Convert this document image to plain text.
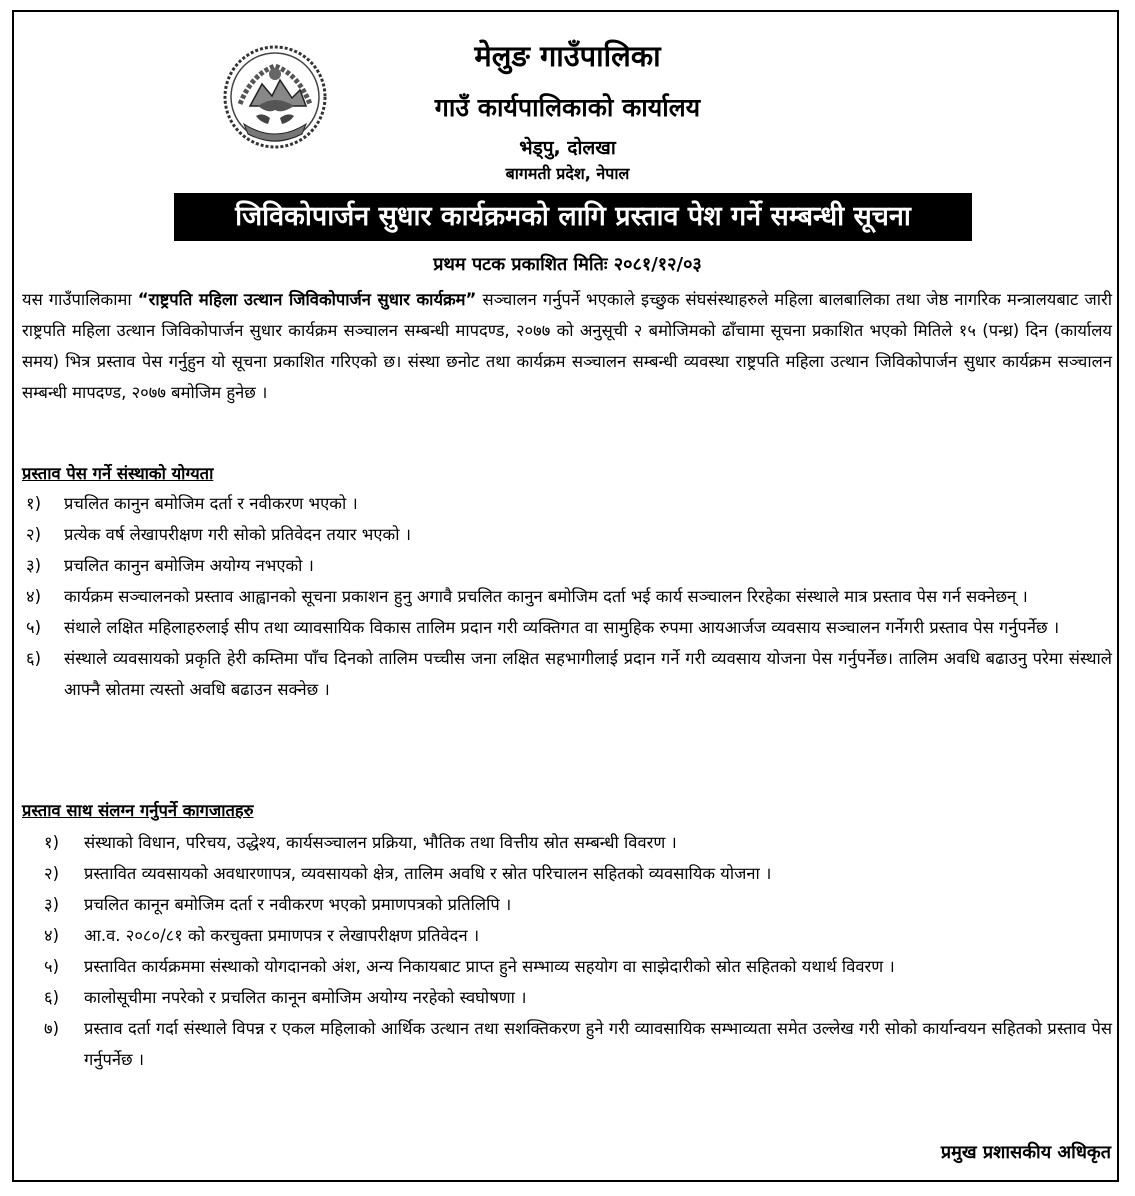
मेलुङ गाउँपालिका
गाउँ कार्यपालिकाको कार्यालय
भेड्पु, दोलखा
बागमती प्रदेश, नेपाल
जिविकोपार्जन सुधार कार्यक्रमको लागि प्रस्ताव पेश गर्ने सम्बन्धी सूचना
प्रथम पटक प्रकाशित मितिः २०८१/१२/०३

यस गाउँपालिकामा “राष्ट्रपति महिला उत्थान जिविकोपार्जन सुधार कार्यक्रम” सञ्चालन गर्नुपर्ने भएकाले इच्छुक संघसंस्थाहरुले महिला बालबालिका तथा जेष्ठ नागरिक मन्त्रालयबाट जारी राष्ट्रपति महिला उत्थान जिविकोपार्जन सुधार कार्यक्रम सञ्चालन सम्बन्धी मापदण्ड, २०७७ को अनुसूची २ बमोजिमको ढाँचामा सूचना प्रकाशित भएको मितिले १५ (पन्ध्र) दिन (कार्यालय समय) भित्र प्रस्ताव पेस गर्नुहुन यो सूचना प्रकाशित गरिएको छ। संस्था छनोट तथा कार्यक्रम सञ्चालन सम्बन्धी व्यवस्था राष्ट्रपति महिला उत्थान जिविकोपार्जन सुधार कार्यक्रम सञ्चालन सम्बन्धी मापदण्ड, २०७७ बमोजिम हुनेछ ।

प्रस्ताव पेस गर्ने संस्थाको योग्यता
१) प्रचलित कानुन बमोजिम दर्ता र नवीकरण भएको ।
२) प्रत्येक वर्ष लेखापरीक्षण गरी सोको प्रतिवेदन तयार भएको ।
३) प्रचलित कानुन बमोजिम अयोग्य नभएको ।
४) कार्यक्रम सञ्चालनको प्रस्ताव आह्वानको सूचना प्रकाशन हुनु अगावै प्रचलित कानुन बमोजिम दर्ता भई कार्य सञ्चालन रिरहेका संस्थाले मात्र प्रस्ताव पेस गर्न सक्नेछन् ।
५) संथाले लक्षित महिलाहरुलाई सीप तथा व्यावसायिक विकास तालिम प्रदान गरी व्यक्तिगत वा सामुहिक रुपमा आयआर्जज व्यवसाय सञ्चालन गर्नेगरी प्रस्ताव पेस गर्नुपर्नेछ ।
६) संस्थाले व्यवसायको प्रकृति हेरी कम्तिमा पाँच दिनको तालिम पच्चीस जना लक्षित सहभागीलाई प्रदान गर्ने गरी व्यवसाय योजना पेस गर्नुपर्नेछ। तालिम अवधि बढाउनु परेमा संस्थाले आफ्नै स्रोतमा त्यस्तो अवधि बढाउन सक्नेछ ।
प्रस्ताव साथ संलग्न गर्नुपर्ने कागजातहरु
१) संस्थाको विधान, परिचय, उद्धेश्य, कार्यसञ्चालन प्रक्रिया, भौतिक तथा वित्तीय स्रोत सम्बन्धी विवरण ।
२) प्रस्तावित व्यवसायको अवधारणापत्र, व्यवसायको क्षेत्र, तालिम अवधि र स्रोत परिचालन सहितको व्यवसायिक योजना ।
३) प्रचलित कानून बमोजिम दर्ता र नवीकरण भएको प्रमाणपत्रको प्रतिलिपि ।
४) आ.व. २०८०/८१ को करचुक्ता प्रमाणपत्र र लेखापरीक्षण प्रतिवेदन ।
५) प्रस्तावित कार्यक्रममा संस्थाको योगदानको अंश, अन्य निकायबाट प्राप्त हुने सम्भाव्य सहयोग वा साझेदारीको स्रोत सहितको यथार्थ विवरण ।
६) कालोसूचीमा नपरेको र प्रचलित कानून बमोजिम अयोग्य नरहेको स्वघोषणा ।
७) प्रस्ताव दर्ता गर्दा संस्थाले विपन्न र एकल महिलाको आर्थिक उत्थान तथा सशक्तिकरण हुने गरी व्यावसायिक सम्भाव्यता समेत उल्लेख गरी सोको कार्यान्वयन सहितको प्रस्ताव पेस गर्नुपर्नेछ ।
प्रमुख प्रशासकीय अधिकृत
